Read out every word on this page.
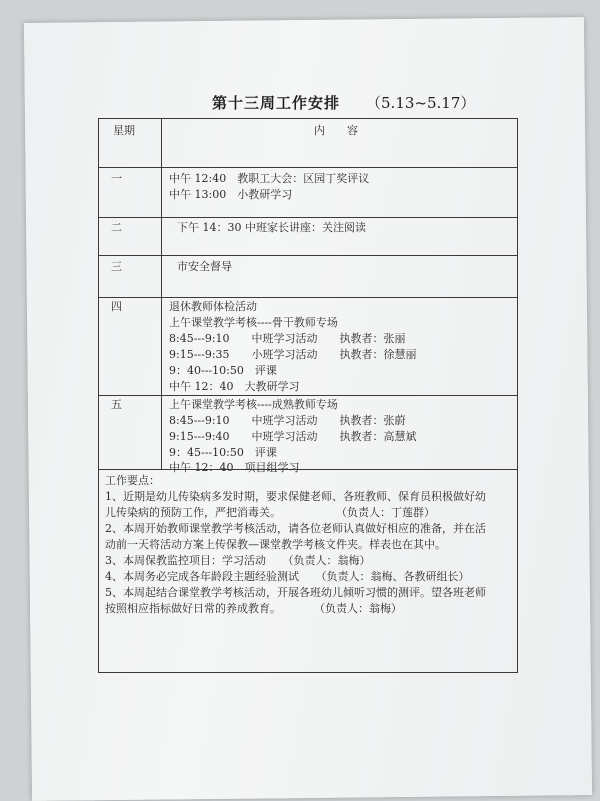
第十三周工作安排 （5.13~5.17）
星期	内　　容
一	中午 12:40　教职工大会：区园丁奖评议
中午 13:00　小教研学习
二	下午 14：30 中班家长讲座：关注阅读
三	市安全督导
四	退休教师体检活动
上午课堂教学考核----骨干教师专场
8:45---9:10　　中班学习活动　　执教者：张丽
9:15---9:35　　小班学习活动　　执教者：徐慧丽
9：40---10:50　评课
中午 12：40　大教研学习
五	上午课堂教学考核----成熟教师专场
8:45---9:10　　中班学习活动　　执教者：张蔚
9:15---9:40　　中班学习活动　　执教者：高慧斌
9：45---10:50　评课
中午 12：40　项目组学习
工作要点：
1、近期是幼儿传染病多发时期，要求保健老师、各班教师、保育员积极做好幼
儿传染病的预防工作，严把消毒关。　　　　　　（负责人：丁莲群）
2、本周开始教师课堂教学考核活动，请各位老师认真做好相应的准备，并在活
动前一天将活动方案上传保教—课堂教学考核文件夹。样表也在其中。
3、本周保教监控项目：学习活动　　（负责人：翁梅）
4、本周务必完成各年龄段主题经验测试　　（负责人：翁梅、各教研组长）
5、本周起结合课堂教学考核活动，开展各班幼儿倾听习惯的测评。望各班老师
按照相应指标做好日常的养成教育。　　　　（负责人：翁梅）
